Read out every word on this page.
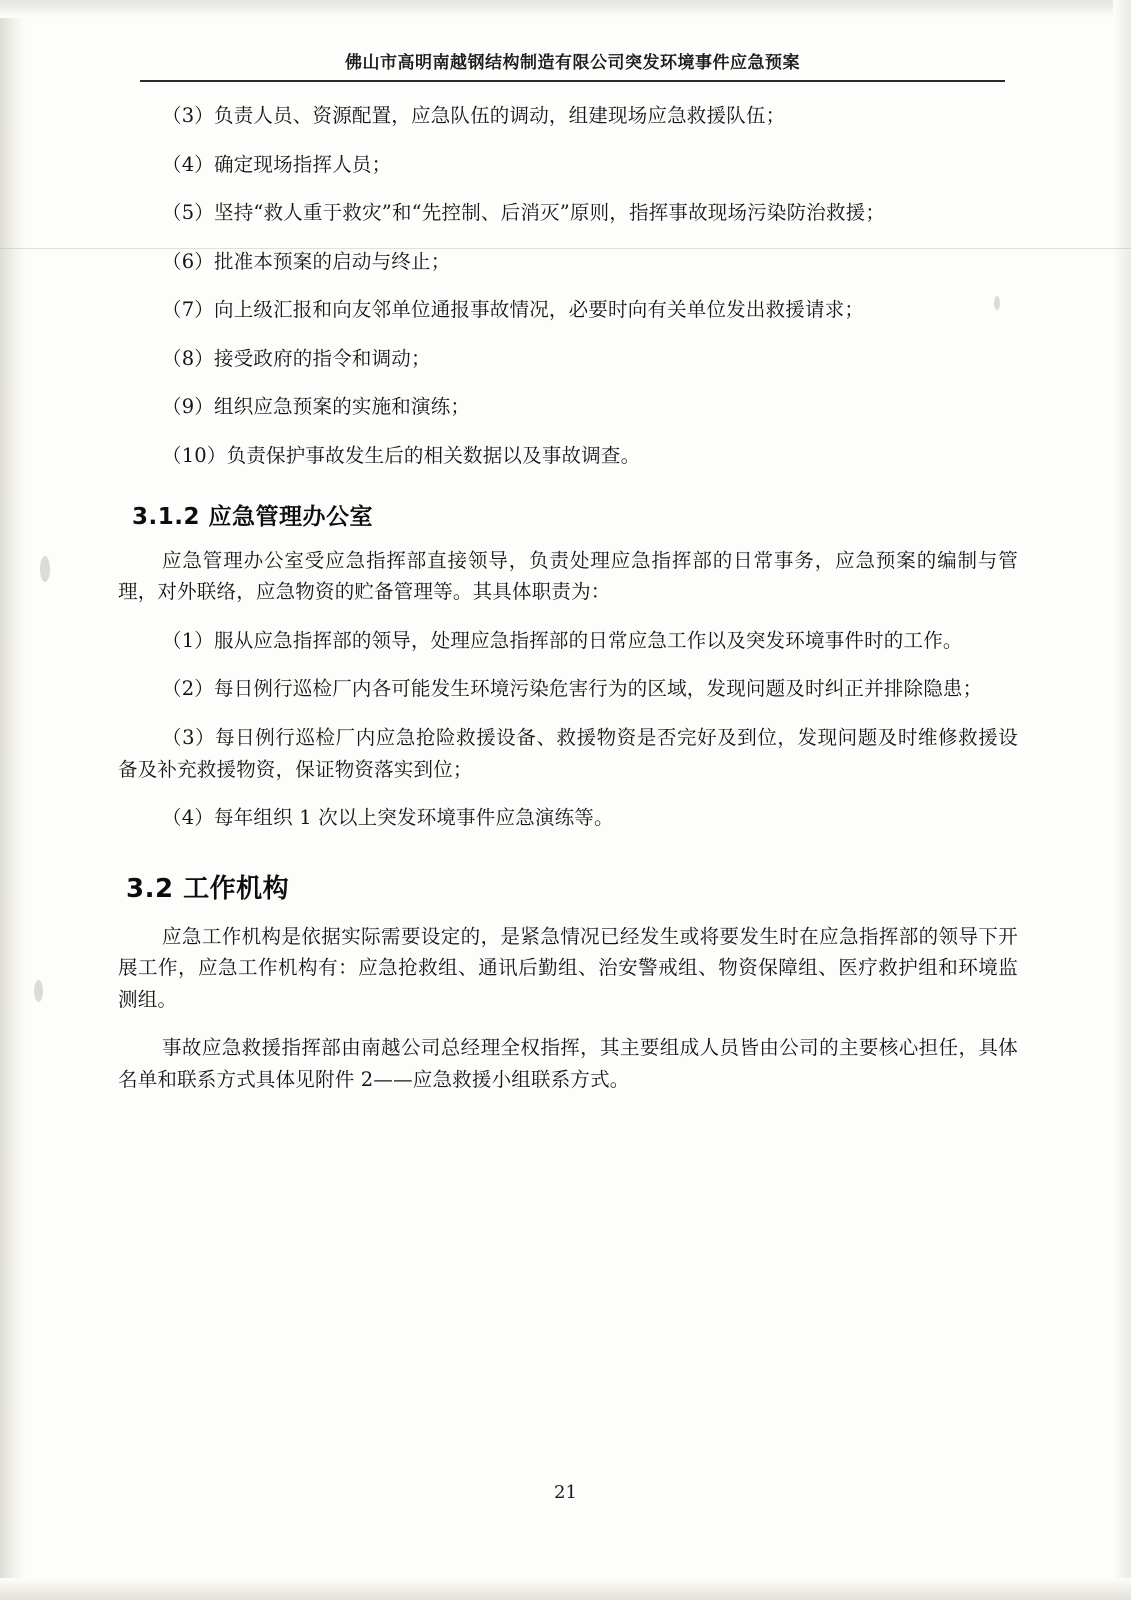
佛山市高明南越钢结构制造有限公司突发环境事件应急预案

（3）负责人员、资源配置，应急队伍的调动，组建现场应急救援队伍；

（4）确定现场指挥人员；

（5）坚持“救人重于救灾”和“先控制、后消灭”原则，指挥事故现场污染防治救援；

（6）批准本预案的启动与终止；

（7）向上级汇报和向友邻单位通报事故情况，必要时向有关单位发出救援请求；

（8）接受政府的指令和调动；

（9）组织应急预案的实施和演练；

（10）负责保护事故发生后的相关数据以及事故调查。

3.1.2 应急管理办公室

应急管理办公室受应急指挥部直接领导，负责处理应急指挥部的日常事务，应急预案的编制与管理，对外联络，应急物资的贮备管理等。其具体职责为：

（1）服从应急指挥部的领导，处理应急指挥部的日常应急工作以及突发环境事件时的工作。

（2）每日例行巡检厂内各可能发生环境污染危害行为的区域，发现问题及时纠正并排除隐患；

（3）每日例行巡检厂内应急抢险救援设备、救援物资是否完好及到位，发现问题及时维修救援设备及补充救援物资，保证物资落实到位；

（4）每年组织 1 次以上突发环境事件应急演练等。

3.2 工作机构

应急工作机构是依据实际需要设定的，是紧急情况已经发生或将要发生时在应急指挥部的领导下开展工作，应急工作机构有：应急抢救组、通讯后勤组、治安警戒组、物资保障组、医疗救护组和环境监测组。

事故应急救援指挥部由南越公司总经理全权指挥，其主要组成人员皆由公司的主要核心担任，具体名单和联系方式具体见附件 2——应急救援小组联系方式。

21
